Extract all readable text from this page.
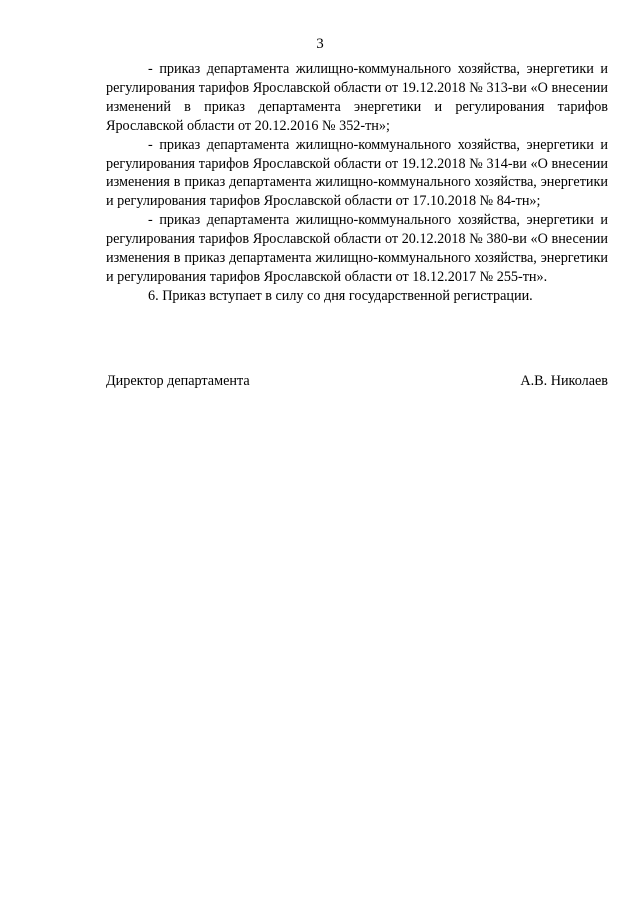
3

- приказ департамента жилищно-коммунального хозяйства, энергетики и регулирования тарифов Ярославской области от 19.12.2018 № 313-ви «О внесении изменений в приказ департамента энергетики и регулирования тарифов Ярославской области от 20.12.2016 № 352-тн»;

- приказ департамента жилищно-коммунального хозяйства, энергетики и регулирования тарифов Ярославской области от 19.12.2018 № 314-ви «О внесении изменения в приказ департамента жилищно-коммунального хозяйства, энергетики и регулирования тарифов Ярославской области от 17.10.2018 № 84-тн»;

- приказ департамента жилищно-коммунального хозяйства, энергетики и регулирования тарифов Ярославской области от 20.12.2018 № 380-ви «О внесении изменения в приказ департамента жилищно-коммунального хозяйства, энергетики и регулирования тарифов Ярославской области от 18.12.2017 № 255-тн».

6. Приказ вступает в силу со дня государственной регистрации.

Директор департамента	А.В. Николаев
